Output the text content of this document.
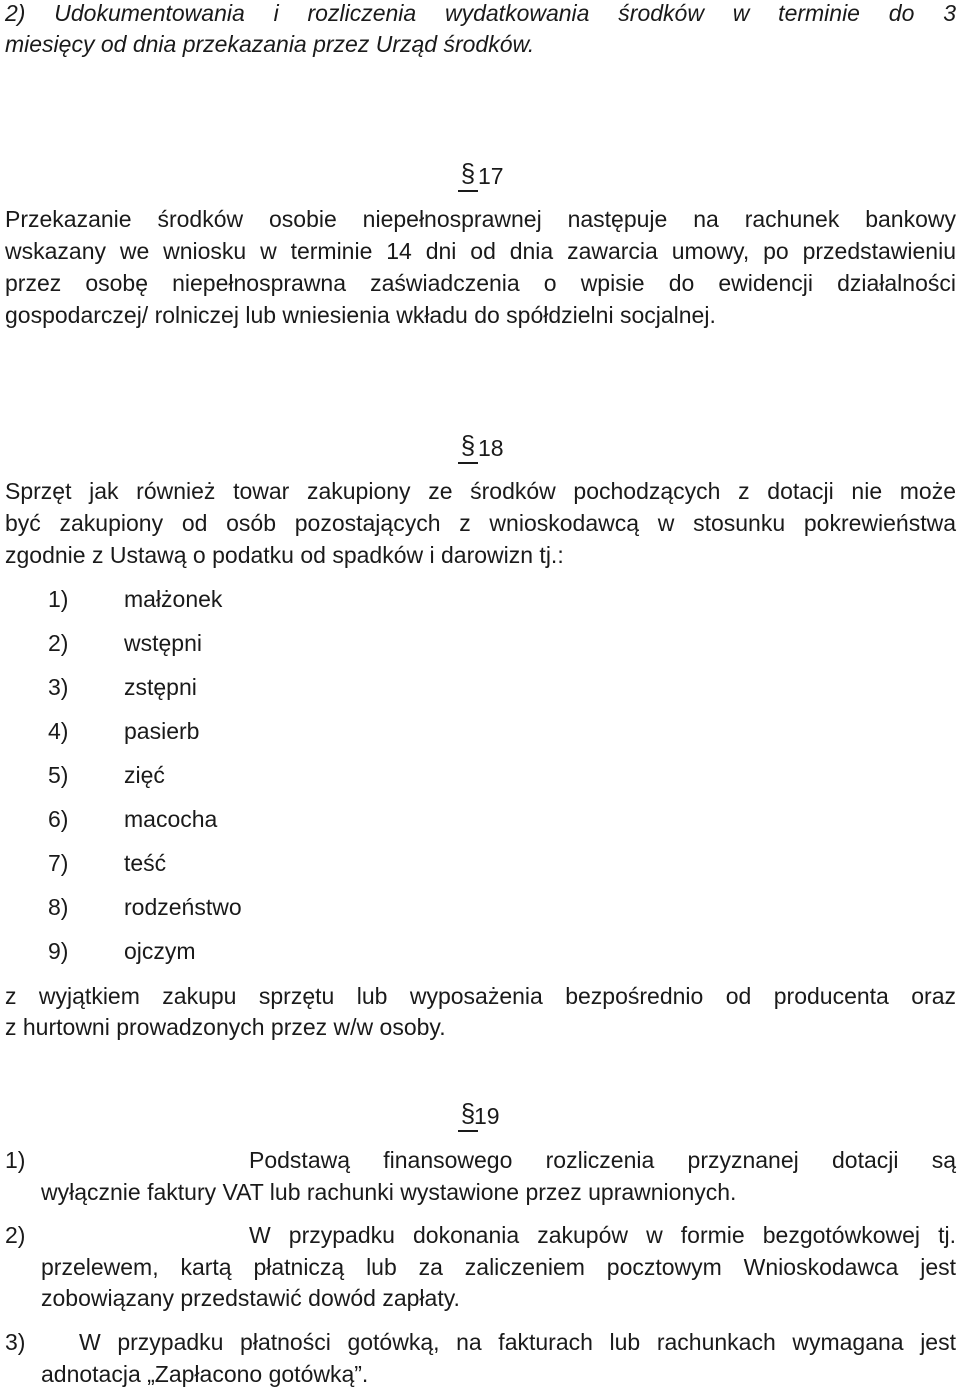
2) Udokumentowania i rozliczenia wydatkowania środków w terminie do 3
miesięcy od dnia przekazania przez Urząd środków.
§ 17
Przekazanie środków osobie niepełnosprawnej następuje na rachunek bankowy
wskazany we wniosku w terminie 14 dni od dnia zawarcia umowy, po przedstawieniu
przez osobę niepełnosprawna zaświadczenia o wpisie do ewidencji działalności
gospodarczej/ rolniczej lub wniesienia wkładu do spółdzielni socjalnej.
§ 18
Sprzęt jak również towar zakupiony ze środków pochodzących z dotacji nie może
być zakupiony od osób pozostających z wnioskodawcą w stosunku pokrewieństwa
zgodnie z Ustawą o podatku od spadków i darowizn tj.:
1) małżonek
2) wstępni
3) zstępni
4) pasierb
5) zięć
6) macocha
7) teść
8) rodzeństwo
9) ojczym
z wyjątkiem zakupu sprzętu lub wyposażenia bezpośrednio od producenta oraz
z hurtowni prowadzonych przez w/w osoby.
§
19
1)	Podstawą finansowego rozliczenia przyznanej dotacji są
wyłącznie faktury VAT lub rachunki wystawione przez uprawnionych.
2)	W przypadku dokonania zakupów w formie bezgotówkowej tj.
przelewem, kartą płatniczą lub za zaliczeniem pocztowym Wnioskodawca jest
zobowiązany przedstawić dowód zapłaty.
3) W przypadku płatności gotówką, na fakturach lub rachunkach wymagana jest
adnotacja „Zapłacono gotówką”.
